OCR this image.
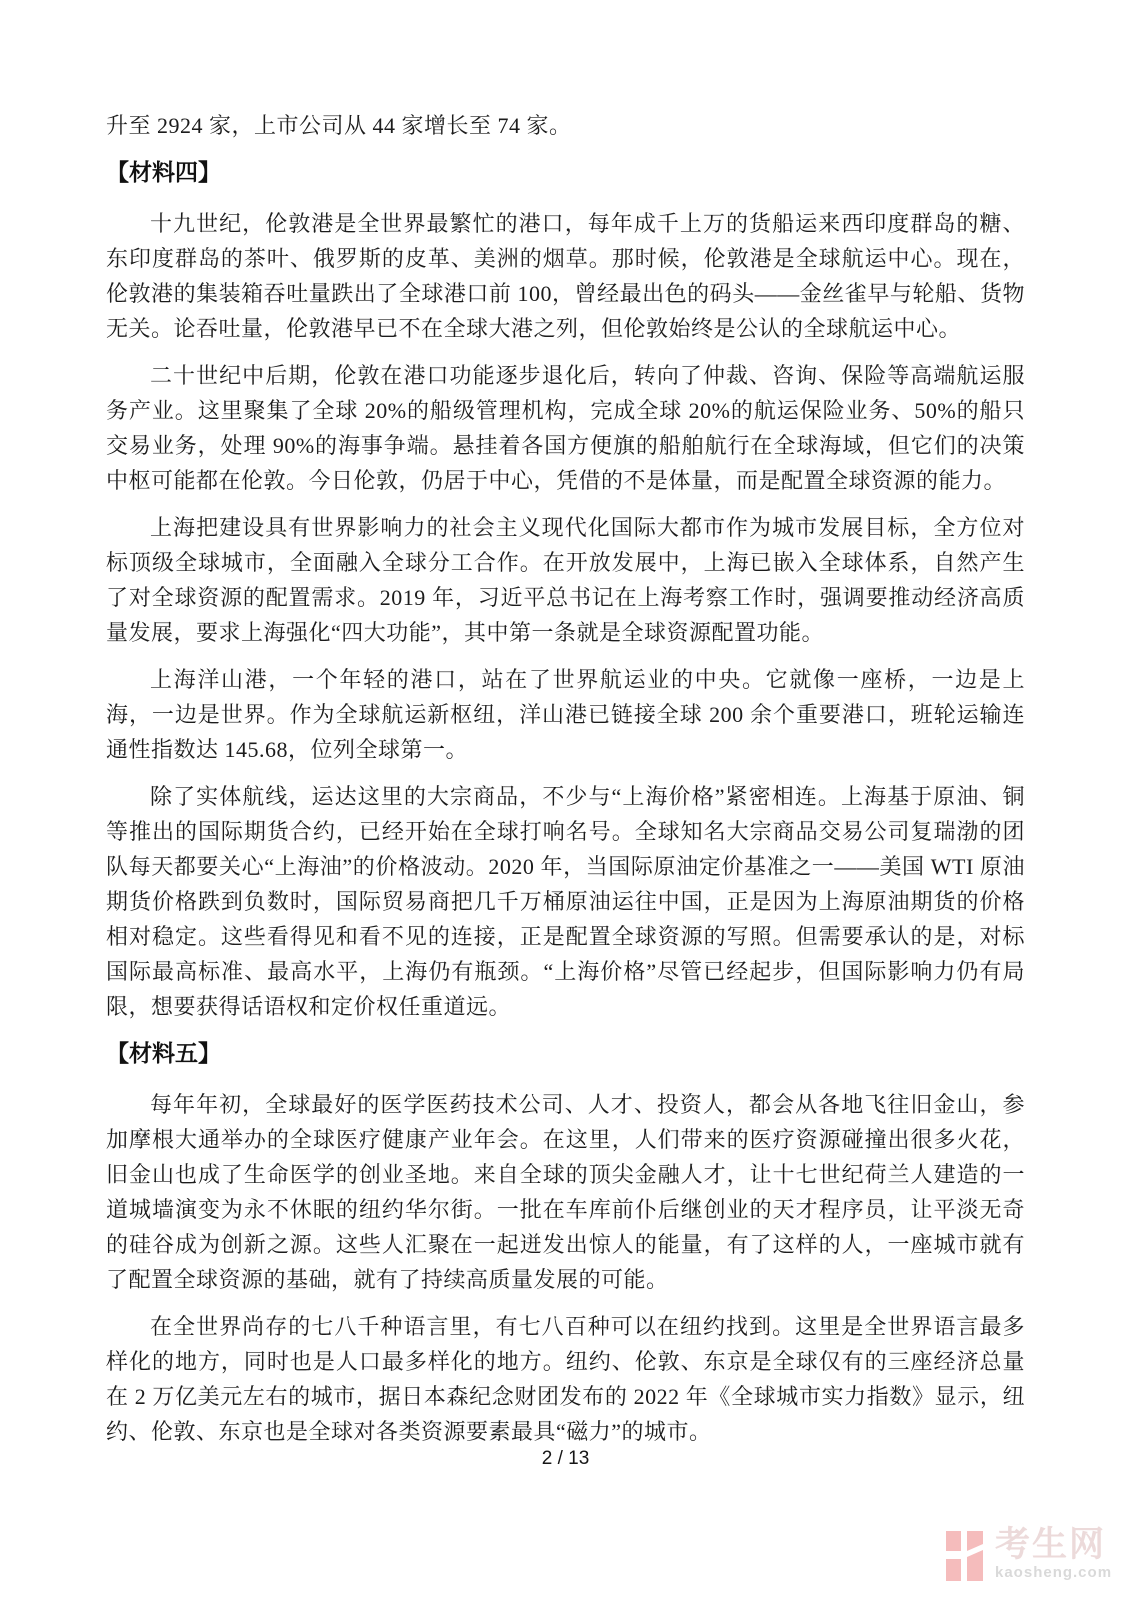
升至 2924 家，上市公司从 44 家增长至 74 家。

【材料四】

十九世纪，伦敦港是全世界最繁忙的港口，每年成千上万的货船运来西印度群岛的糖、东印度群岛的茶叶、俄罗斯的皮革、美洲的烟草。那时候，伦敦港是全球航运中心。现在，伦敦港的集装箱吞吐量跌出了全球港口前 100，曾经最出色的码头——金丝雀早与轮船、货物无关。论吞吐量，伦敦港早已不在全球大港之列，但伦敦始终是公认的全球航运中心。

二十世纪中后期，伦敦在港口功能逐步退化后，转向了仲裁、咨询、保险等高端航运服务产业。这里聚集了全球 20%的船级管理机构，完成全球 20%的航运保险业务、50%的船只交易业务，处理 90%的海事争端。悬挂着各国方便旗的船舶航行在全球海域，但它们的决策中枢可能都在伦敦。今日伦敦，仍居于中心，凭借的不是体量，而是配置全球资源的能力。

上海把建设具有世界影响力的社会主义现代化国际大都市作为城市发展目标，全方位对标顶级全球城市，全面融入全球分工合作。在开放发展中，上海已嵌入全球体系，自然产生了对全球资源的配置需求。2019 年，习近平总书记在上海考察工作时，强调要推动经济高质量发展，要求上海强化“四大功能”，其中第一条就是全球资源配置功能。

上海洋山港，一个年轻的港口，站在了世界航运业的中央。它就像一座桥，一边是上海，一边是世界。作为全球航运新枢纽，洋山港已链接全球 200 余个重要港口，班轮运输连通性指数达 145.68，位列全球第一。

除了实体航线，运达这里的大宗商品，不少与“上海价格”紧密相连。上海基于原油、铜等推出的国际期货合约，已经开始在全球打响名号。全球知名大宗商品交易公司复瑞渤的团队每天都要关心“上海油”的价格波动。2020 年，当国际原油定价基准之一——美国 WTI 原油期货价格跌到负数时，国际贸易商把几千万桶原油运往中国，正是因为上海原油期货的价格相对稳定。这些看得见和看不见的连接，正是配置全球资源的写照。但需要承认的是，对标国际最高标准、最高水平，上海仍有瓶颈。“上海价格”尽管已经起步，但国际影响力仍有局限，想要获得话语权和定价权任重道远。

【材料五】

每年年初，全球最好的医学医药技术公司、人才、投资人，都会从各地飞往旧金山，参加摩根大通举办的全球医疗健康产业年会。在这里，人们带来的医疗资源碰撞出很多火花，旧金山也成了生命医学的创业圣地。来自全球的顶尖金融人才，让十七世纪荷兰人建造的一道城墙演变为永不休眠的纽约华尔街。一批在车库前仆后继创业的天才程序员，让平淡无奇的硅谷成为创新之源。这些人汇聚在一起迸发出惊人的能量，有了这样的人，一座城市就有了配置全球资源的基础，就有了持续高质量发展的可能。

在全世界尚存的七八千种语言里，有七八百种可以在纽约找到。这里是全世界语言最多样化的地方，同时也是人口最多样化的地方。纽约、伦敦、东京是全球仅有的三座经济总量在 2 万亿美元左右的城市，据日本森纪念财团发布的 2022 年《全球城市实力指数》显示，纽约、伦敦、东京也是全球对各类资源要素最具“磁力”的城市。

2 / 13
考生网
kaosheng.com
